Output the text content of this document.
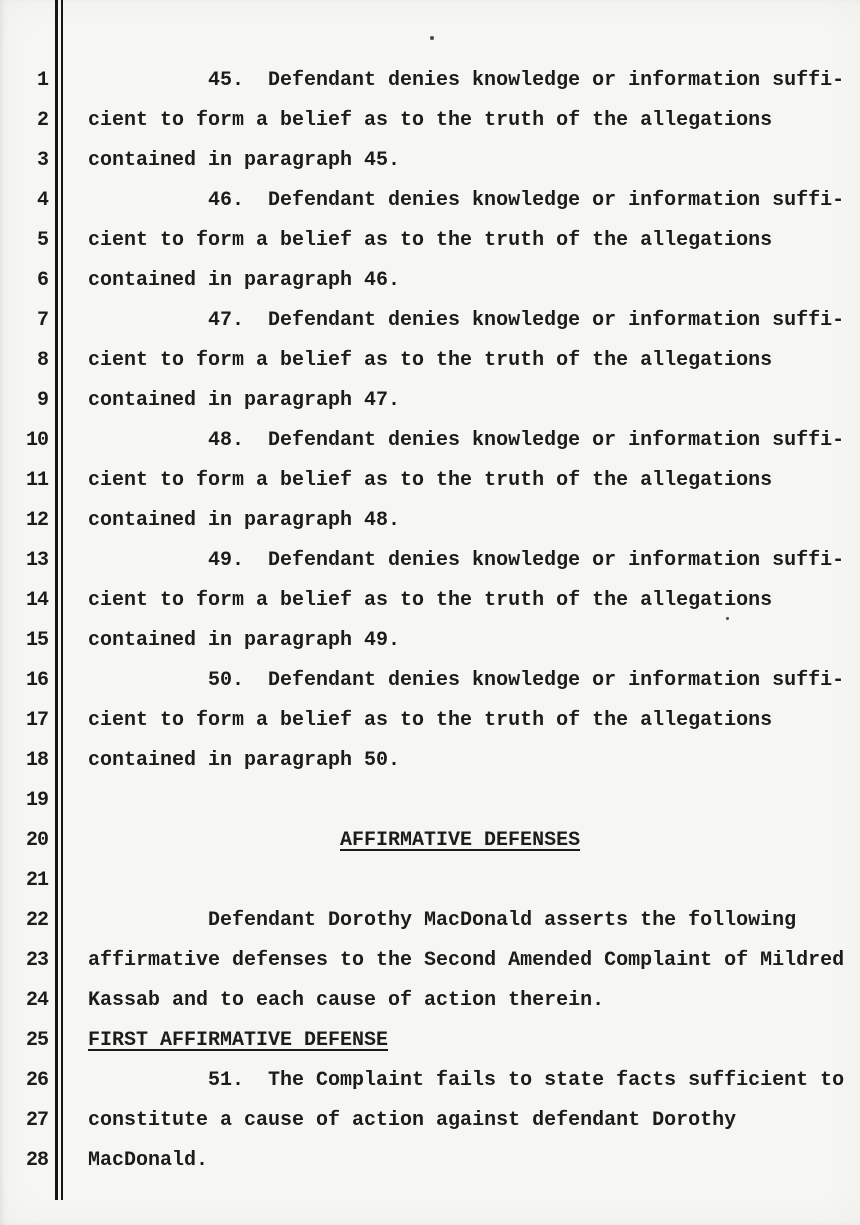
1	45.  Defendant denies knowledge or information suffi-
2	cient to form a belief as to the truth of the allegations
3	contained in paragraph 45.
4	46.  Defendant denies knowledge or information suffi-
5	cient to form a belief as to the truth of the allegations
6	contained in paragraph 46.
7	47.  Defendant denies knowledge or information suffi-
8	cient to form a belief as to the truth of the allegations
9	contained in paragraph 47.
10	48.  Defendant denies knowledge or information suffi-
11	cient to form a belief as to the truth of the allegations
12	contained in paragraph 48.
13	49.  Defendant denies knowledge or information suffi-
14	cient to form a belief as to the truth of the allegations
15	contained in paragraph 49.
16	50.  Defendant denies knowledge or information suffi-
17	cient to form a belief as to the truth of the allegations
18	contained in paragraph 50.
19
20	AFFIRMATIVE DEFENSES
21
22	Defendant Dorothy MacDonald asserts the following
23	affirmative defenses to the Second Amended Complaint of Mildred
24	Kassab and to each cause of action therein.
25	FIRST AFFIRMATIVE DEFENSE
26	51.  The Complaint fails to state facts sufficient to
27	constitute a cause of action against defendant Dorothy
28	MacDonald.
